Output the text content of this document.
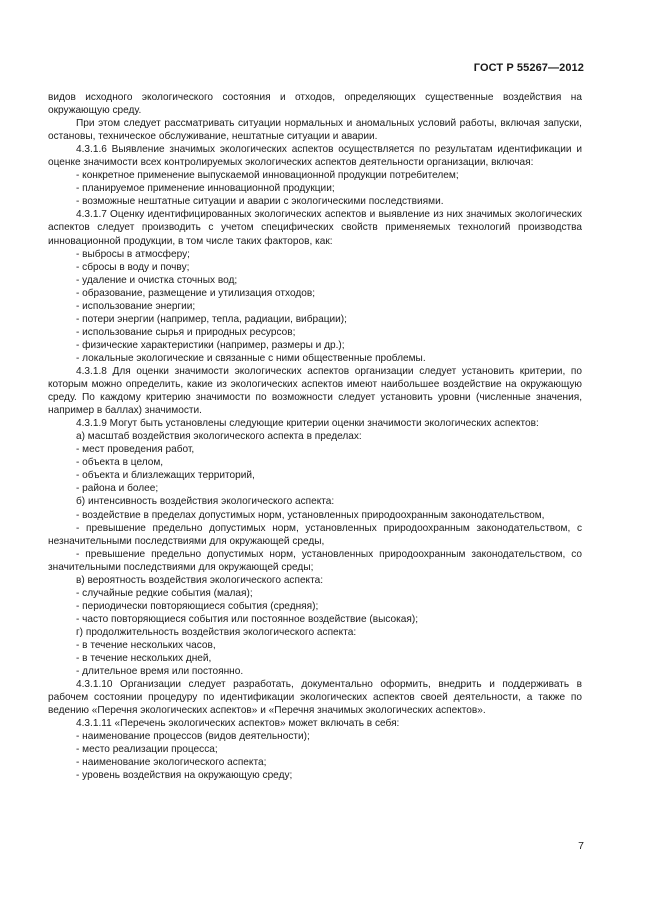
ГОСТ Р 55267—2012

видов исходного экологического состояния и отходов, определяющих существенные воздействия на окружающую среду.

При этом следует рассматривать ситуации нормальных и аномальных условий работы, включая запуски, остановы, техническое обслуживание, нештатные ситуации и аварии.

4.3.1.6 Выявление значимых экологических аспектов осуществляется по результатам идентификации и оценке значимости всех контролируемых экологических аспектов деятельности организации, включая:

- конкретное применение выпускаемой инновационной продукции потребителем;

- планируемое применение инновационной продукции;

- возможные нештатные ситуации и аварии с экологическими последствиями.

4.3.1.7 Оценку идентифицированных экологических аспектов и выявление из них значимых экологических аспектов следует производить с учетом специфических свойств применяемых технологий производства инновационной продукции, в том числе таких факторов, как:

- выбросы в атмосферу;

- сбросы в воду и почву;

- удаление и очистка сточных вод;

- образование, размещение и утилизация отходов;

- использование энергии;

- потери энергии (например, тепла, радиации, вибрации);

- использование сырья и природных ресурсов;

- физические характеристики (например, размеры и др.);

- локальные экологические и связанные с ними общественные проблемы.

4.3.1.8 Для оценки значимости экологических аспектов организации следует установить критерии, по которым можно определить, какие из экологических аспектов имеют наибольшее воздействие на окружающую среду. По каждому критерию значимости по возможности следует установить уровни (численные значения, например в баллах) значимости.

4.3.1.9 Могут быть установлены следующие критерии оценки значимости экологических аспектов:

а) масштаб воздействия экологического аспекта в пределах:

- мест проведения работ,

- объекта в целом,

- объекта и близлежащих территорий,

- района и более;

б) интенсивность воздействия экологического аспекта:

- воздействие в пределах допустимых норм, установленных природоохранным законодательством,

- превышение предельно допустимых норм, установленных природоохранным законодательством, с незначительными последствиями для окружающей среды,

- превышение предельно допустимых норм, установленных природоохранным законодательством, со значительными последствиями для окружающей среды;

в) вероятность воздействия экологического аспекта:

- случайные редкие события (малая);

- периодически повторяющиеся события (средняя);

- часто повторяющиеся события или постоянное воздействие (высокая);

г) продолжительность воздействия экологического аспекта:

- в течение нескольких часов,

- в течение нескольких дней,

- длительное время или постоянно.

4.3.1.10 Организации следует разработать, документально оформить, внедрить и поддерживать в рабочем состоянии процедуру по идентификации экологических аспектов своей деятельности, а также по ведению «Перечня экологических аспектов» и «Перечня значимых экологических аспектов».

4.3.1.11 «Перечень экологических аспектов» может включать в себя:

- наименование процессов (видов деятельности);

- место реализации процесса;

- наименование экологического аспекта;

- уровень воздействия на окружающую среду;

7
